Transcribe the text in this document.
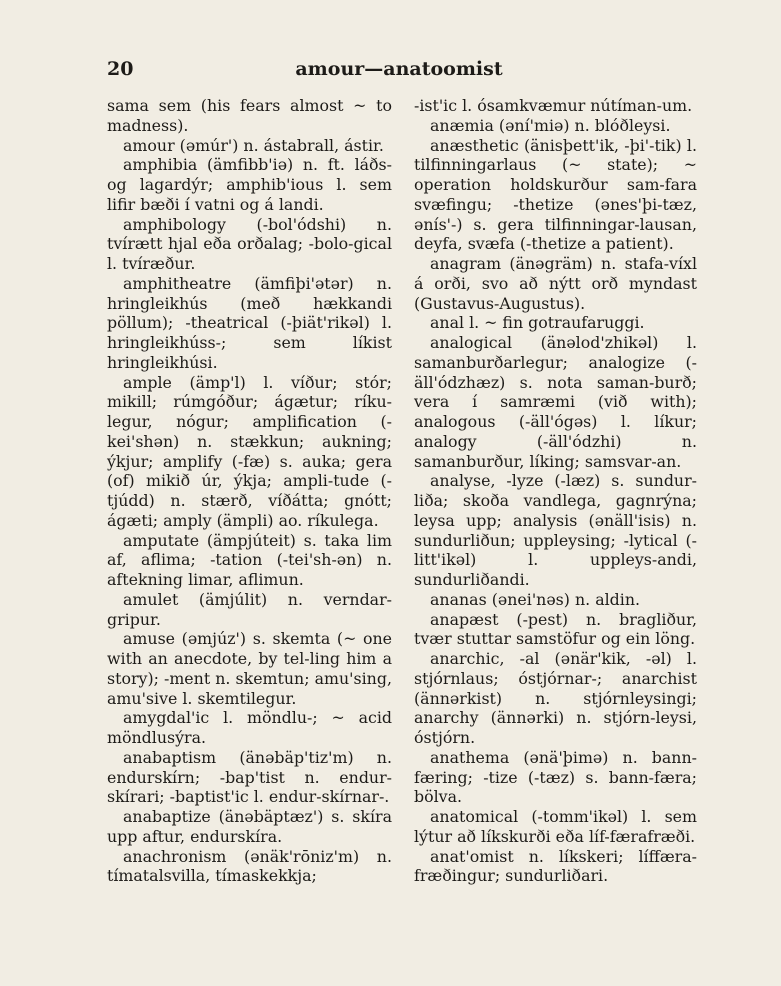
20	amour—anatoomist

sama sem (his fears almost ~ to madness).

amour (əmúr') n. ástabrall, ástir.

amphibia (ämfibb'iə) n. ft. láðs- og lagardýr; amphib'ious l. sem lifir bæði í vatni og á landi.

amphibology (-bol'ódshi) n. tvírætt hjal eða orðalag; -bolo-gical l. tvíræður.

amphitheatre (ämfiþi'ətər) n. hringleikhús (með hækkandi pöllum); -theatrical (-þiät'rikəl) l. hringleikhúss-; sem líkist hringleikhúsi.

ample (ämp'l) l. víður; stór; mikill; rúmgóður; ágætur; ríku-legur, nógur; amplification (-kei'shən) n. stækkun; aukning; ýkjur; amplify (-fæ) s. auka; gera (of) mikið úr, ýkja; ampli-tude (-tjúdd) n. stærð, víðátta; gnótt; ágæti; amply (ämpli) ao. ríkulega.

amputate (ämpjúteit) s. taka lim af, aflima; -tation (-tei'sh-ən) n. aftekning limar, aflimun.

amulet (ämjúlit) n. verndar-gripur.

amuse (əmjúz') s. skemta (~ one with an anecdote, by tel-ling him a story); -ment n. skemtun; amu'sing, amu'sive l. skemtilegur.

amygdal'ic l. möndlu-; ~ acid möndlusýra.

anabaptism (änəbäp'tiz'm) n. endurskírn; -bap'tist n. endur-skírari; -baptist'ic l. endur-skírnar-.

anabaptize (änəbäptæz') s. skíra upp aftur, endurskíra.

anachronism (ənäk'rōniz'm) n. tímatalsvilla, tímaskekkja;

-ist'ic l. ósamkvæmur nútíman-um.

anæmia (əní'miə) n. blóðleysi.

anæsthetic (änisþett'ik, -þi'-tik) l. tilfinningarlaus (~ state); ~ operation holdskurður sam-fara svæfingu; -thetize (ənes'þi-tæz, ənís'-) s. gera tilfinningar-lausan, deyfa, svæfa (-thetize a patient).

anagram (änəgräm) n. stafa-víxl á orði, svo að nýtt orð myndast (Gustavus-Augustus).

anal l. ~ fin gotraufaruggi.

analogical (änəlod'zhikəl) l. samanburðarlegur; analogize (-äll'ódzhæz) s. nota saman-burð; vera í samræmi (við with); analogous (-äll'ógəs) l. líkur; analogy (-äll'ódzhi) n. samanburður, líking; samsvar-an.

analyse, -lyze (-læz) s. sundur-liða; skoða vandlega, gagnrýna; leysa upp; analysis (ənäll'isis) n. sundurliðun; uppleysing; -lytical (-litt'ikəl) l. uppleys-andi, sundurliðandi.

ananas (ənei'nəs) n. aldin.

anapæst (-pest) n. bragliður, tvær stuttar samstöfur og ein löng.

anarchic, -al (ənär'kik, -əl) l. stjórnlaus; óstjórnar-; anarchist (ännərkist) n. stjórnleysingi; anarchy (ännərki) n. stjórn-leysi, óstjórn.

anathema (ənä'þimə) n. bann-færing; -tize (-tæz) s. bann-færa; bölva.

anatomical (-tomm'ikəl) l. sem lýtur að líkskurði eða líf-færafræði.

anat'omist n. líkskeri; líffæra-fræðingur; sundurliðari.
